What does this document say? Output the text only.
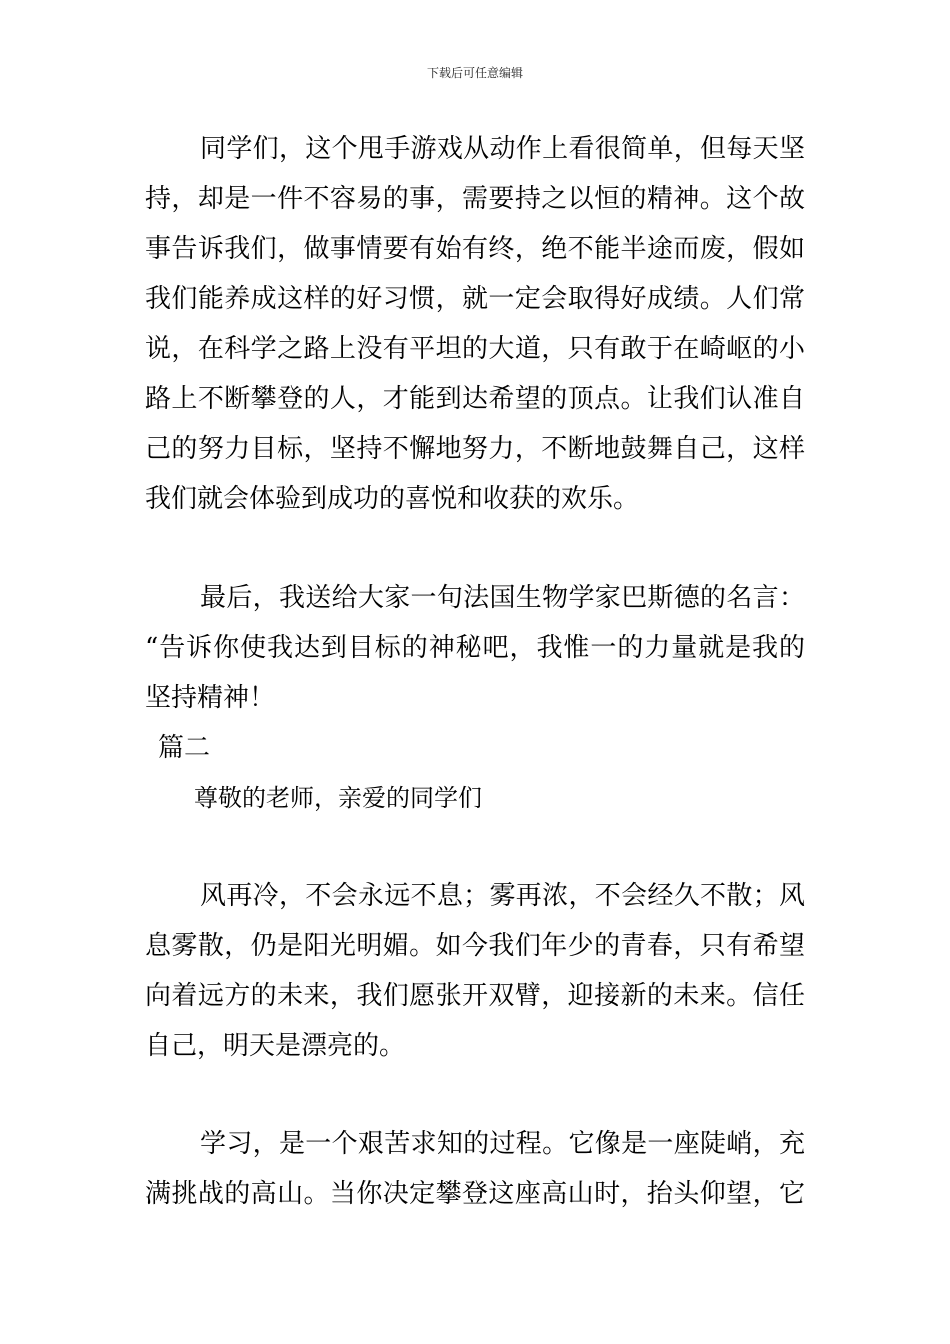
下载后可任意编辑
同学们，这个甩手游戏从动作上看很简单，但每天坚
持，却是一件不容易的事，需要持之以恒的精神。这个故
事告诉我们，做事情要有始有终，绝不能半途而废，假如
我们能养成这样的好习惯，就一定会取得好成绩。人们常
说，在科学之路上没有平坦的大道，只有敢于在崎岖的小
路上不断攀登的人，才能到达希望的顶点。让我们认准自
己的努力目标，坚持不懈地努力，不断地鼓舞自己，这样
我们就会体验到成功的喜悦和收获的欢乐。
最后，我送给大家一句法国生物学家巴斯德的名言：
“告诉你使我达到目标的神秘吧，我惟一的力量就是我的
坚持精神！
篇二
尊敬的老师，亲爱的同学们
风再冷，不会永远不息；雾再浓，不会经久不散；风
息雾散，仍是阳光明媚。如今我们年少的青春，只有希望
向着远方的未来，我们愿张开双臂，迎接新的未来。信任
自己，明天是漂亮的。
学习，是一个艰苦求知的过程。它像是一座陡峭，充
满挑战的高山。当你决定攀登这座高山时，抬头仰望，它
